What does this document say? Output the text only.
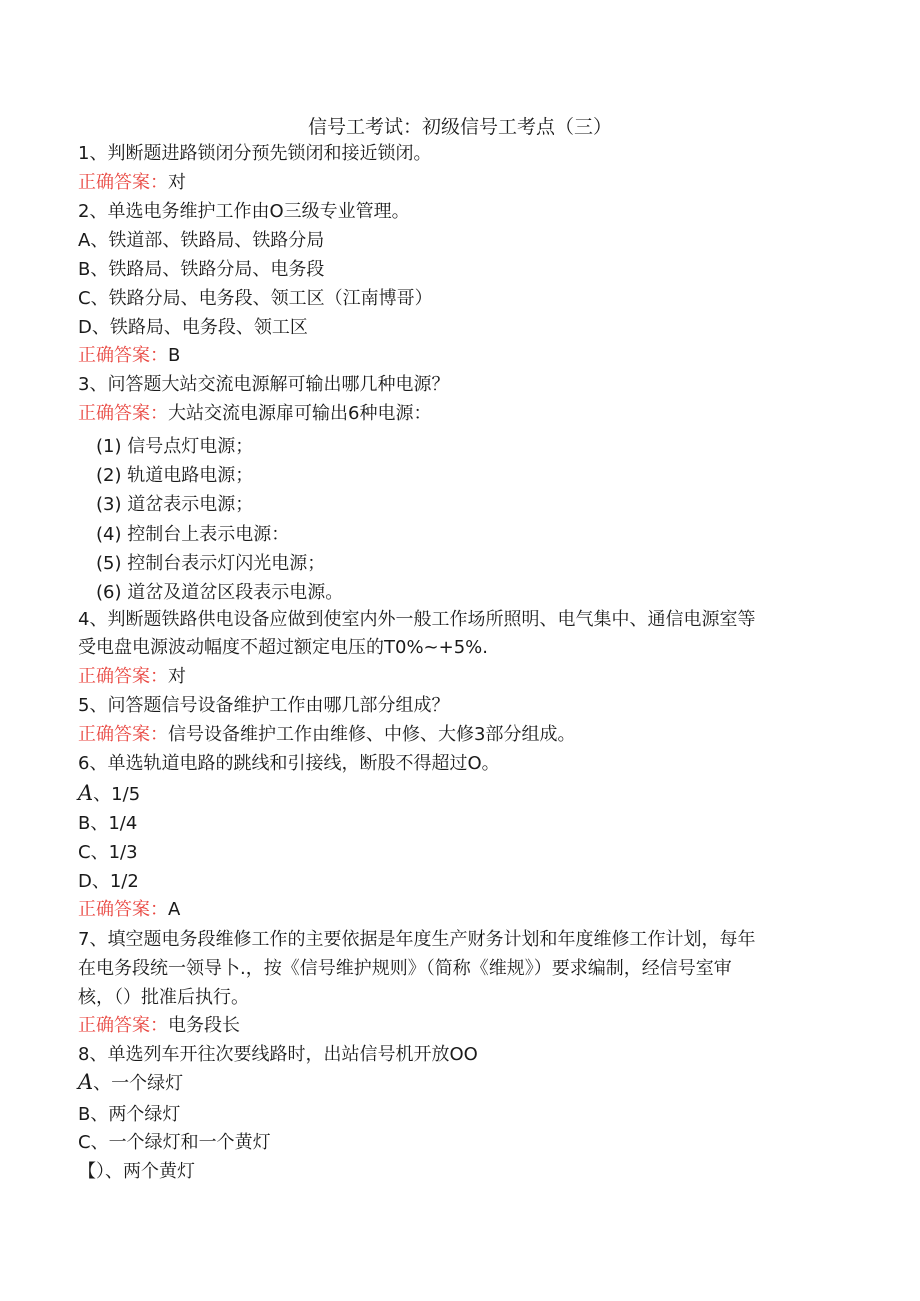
信号工考试：初级信号工考点（三）
1、判断题进路锁闭分预先锁闭和接近锁闭。
正确答案：对
2、单选电务维护工作由O三级专业管理。
A、铁道部、铁路局、铁路分局
B、铁路局、铁路分局、电务段
C、铁路分局、电务段、领工区（江南博哥）
D、铁路局、电务段、领工区
正确答案：B
3、问答题大站交流电源解可输出哪几种电源？
正确答案：大站交流电源扉可输出6种电源：
(1) 信号点灯电源；
(2) 轨道电路电源；
(3) 道岔表示电源；
(4) 控制台上表示电源：
(5) 控制台表示灯闪光电源；
(6) 道岔及道岔区段表示电源。
4、判断题铁路供电设备应做到使室内外一般工作场所照明、电气集中、通信电源室等
受电盘电源波动幅度不超过额定电压的T0%~+5%.
正确答案：对
5、问答题信号设备维护工作由哪几部分组成？
正确答案：信号设备维护工作由维修、中修、大修3部分组成。
6、单选轨道电路的跳线和引接线，断股不得超过O。
A、1/5
B、1/4
C、1/3
D、1/2
正确答案：A
7、填空题电务段维修工作的主要依据是年度生产财务计划和年度维修工作计划，每年
在电务段统一领导卜.，按《信号维护规则》（简称《维规》）要求编制，经信号室审
核，（）批准后执行。
正确答案：电务段长
8、单选列车开往次要线路时，出站信号机开放OO
A、一个绿灯
B、两个绿灯
C、一个绿灯和一个黄灯
【）、两个黄灯
